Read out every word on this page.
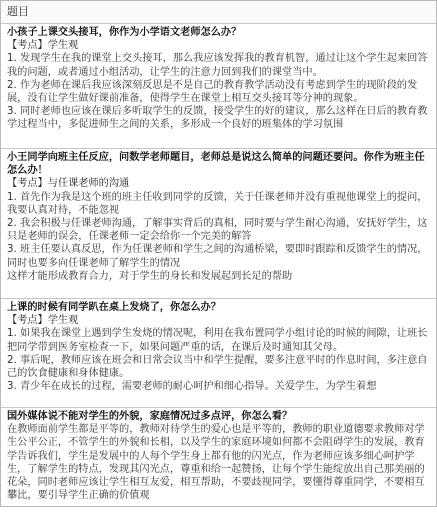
题目
小孩子上课交头接耳，你作为小学语文老师怎么办？
【考点】学生观
1. 发现学生在我的课堂上交头接耳，那么我应该发挥我的教育机智，通过让这个学生起来回答我的问题，或者通过小组活动，让学生的注意力回到我们的课堂当中。
2. 作为老师在课后我应该深刻反思是不是自己的教育教学活动没有考虑到学生的现阶段的发展，没有让学生做好课前准备，使得学生在课堂上相互交头接耳等分神的现象。
3. 同时老师也应该在课后多听取学生的反馈，接受学生的好的建议，那么这样在日后的教育教学过程当中，多促进师生之间的关系，多形成一个良好的班集体的学习氛围
小王同学向班主任反应，问数学老师题目，老师总是说这么简单的问题还要问。你作为班主任怎么办！
【考点】与任课老师的沟通
1. 首先作为我是这个班的班主任收到同学的反馈，关于任课老师并没有重视他课堂上的提问，我要认真对待，不能忽视
2. 我会积极与任课老师沟通，了解事实背后的真相，同时要与学生耐心沟通，安抚好学生，这只是老师的误会，任课老师一定会给你一个完美的解答
3. 班主任要认真反思，作为任课老师和学生之间的沟通桥梁，要即时跟踪和反馈学生的情况，同时也要多向任课老师了解学生的情况
这样才能形成教育合力，对于学生的身长和发展起到长足的帮助
上课的时候有同学趴在桌上发烧了，你怎么办？
【考点】学生观
1. 如果我在课堂上遇到学生发烧的情况呢，利用在我布置同学小组讨论的时候的间隙，让班长把同学带到医务室检查一下，如果问题严重的话，在课后及时通知其父母。
2. 事后呢，教师应该在班会和日常会议当中和学生提醒，要多注意平时的作息时间，多注意自己的饮食健康和身体健康。
3. 青少年在成长的过程，需要老师的耐心呵护和细心指导。关爱学生，为学生着想
国外媒体说不能对学生的外貌，家庭情况过多点评，你怎么看？
在教师面前学生都是平等的，教师对待学生的爱心也是平等的，教师的职业道德要求教师对学生公平公正，不管学生的外貌和长相，以及学生的家庭环境如何都不会阻碍学生的发展，教育学告诉我们，学生是发展中的人每个学生身上都有他的闪光点，作为老师应该多细心呵护学生，了解学生的特点，发现其闪光点，尊重和给一起赞扬，让每个学生能绽放出自己那美丽的花朵，同时老师应该让学生相互友爱，相互帮助，不要歧视同学，要懂得尊重同学，不要相互攀比，要引导学生正确的价值观
